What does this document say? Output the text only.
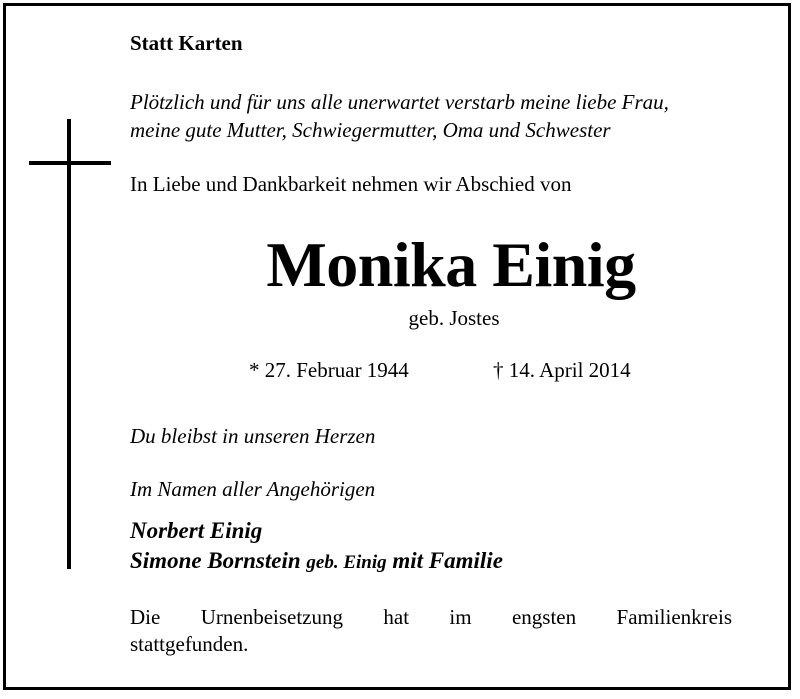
Statt Karten
Plötzlich und für uns alle unerwartet verstarb meine liebe Frau,
meine gute Mutter, Schwiegermutter, Oma und Schwester
In Liebe und Dankbarkeit nehmen wir Abschied von
Monika Einig
geb. Jostes
* 27. Februar 1944	† 14. April 2014
Du bleibst in unseren Herzen
Im Namen aller Angehörigen
Norbert Einig
Simone Bornstein geb. Einig mit Familie
Die Urnenbeisetzung hat im engsten Familienkreis
stattgefunden.
